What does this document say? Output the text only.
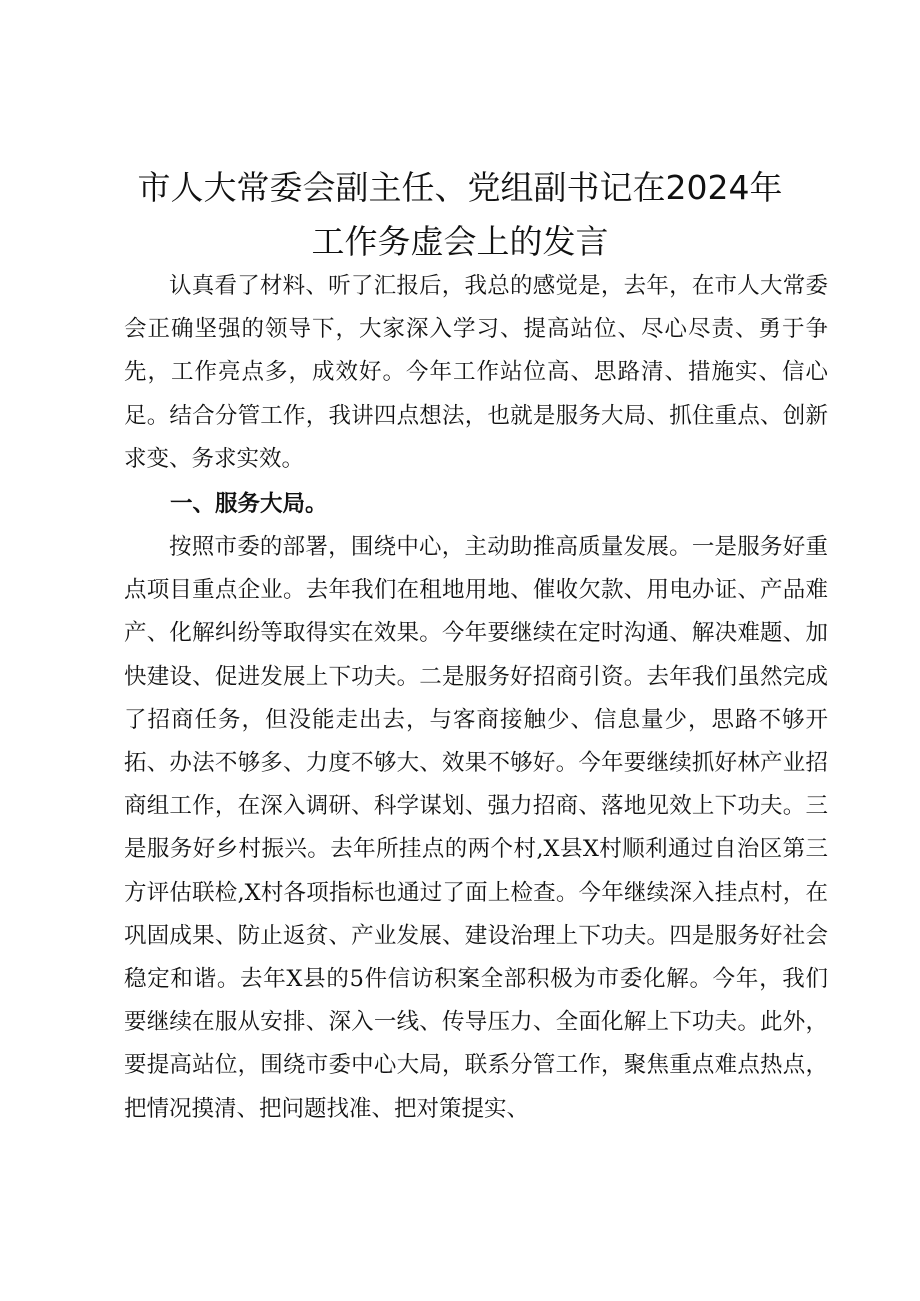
市人大常委会副主任、党组副书记在2024年
工作务虚会上的发言

认真看了材料、听了汇报后，我总的感觉是，去年，在市人大常委会正确坚强的领导下，大家深入学习、提高站位、尽心尽责、勇于争先，工作亮点多，成效好。今年工作站位高、思路清、措施实、信心足。结合分管工作，我讲四点想法，也就是服务大局、抓住重点、创新求变、务求实效。

一、服务大局。

按照市委的部署，围绕中心，主动助推高质量发展。一是服务好重点项目重点企业。去年我们在租地用地、催收欠款、用电办证、产品难产、化解纠纷等取得实在效果。今年要继续在定时沟通、解决难题、加快建设、促进发展上下功夫。二是服务好招商引资。去年我们虽然完成了招商任务，但没能走出去，与客商接触少、信息量少，思路不够开拓、办法不够多、力度不够大、效果不够好。今年要继续抓好林产业招商组工作，在深入调研、科学谋划、强力招商、落地见效上下功夫。三是服务好乡村振兴。去年所挂点的两个村,X县X村顺利通过自治区第三方评估联检,X村各项指标也通过了面上检查。今年继续深入挂点村，在巩固成果、防止返贫、产业发展、建设治理上下功夫。四是服务好社会稳定和谐。去年X县的5件信访积案全部积极为市委化解。今年，我们要继续在服从安排、深入一线、传导压力、全面化解上下功夫。此外，要提高站位，围绕市委中心大局，联系分管工作，聚焦重点难点热点，把情况摸清、把问题找准、把对策提实、
